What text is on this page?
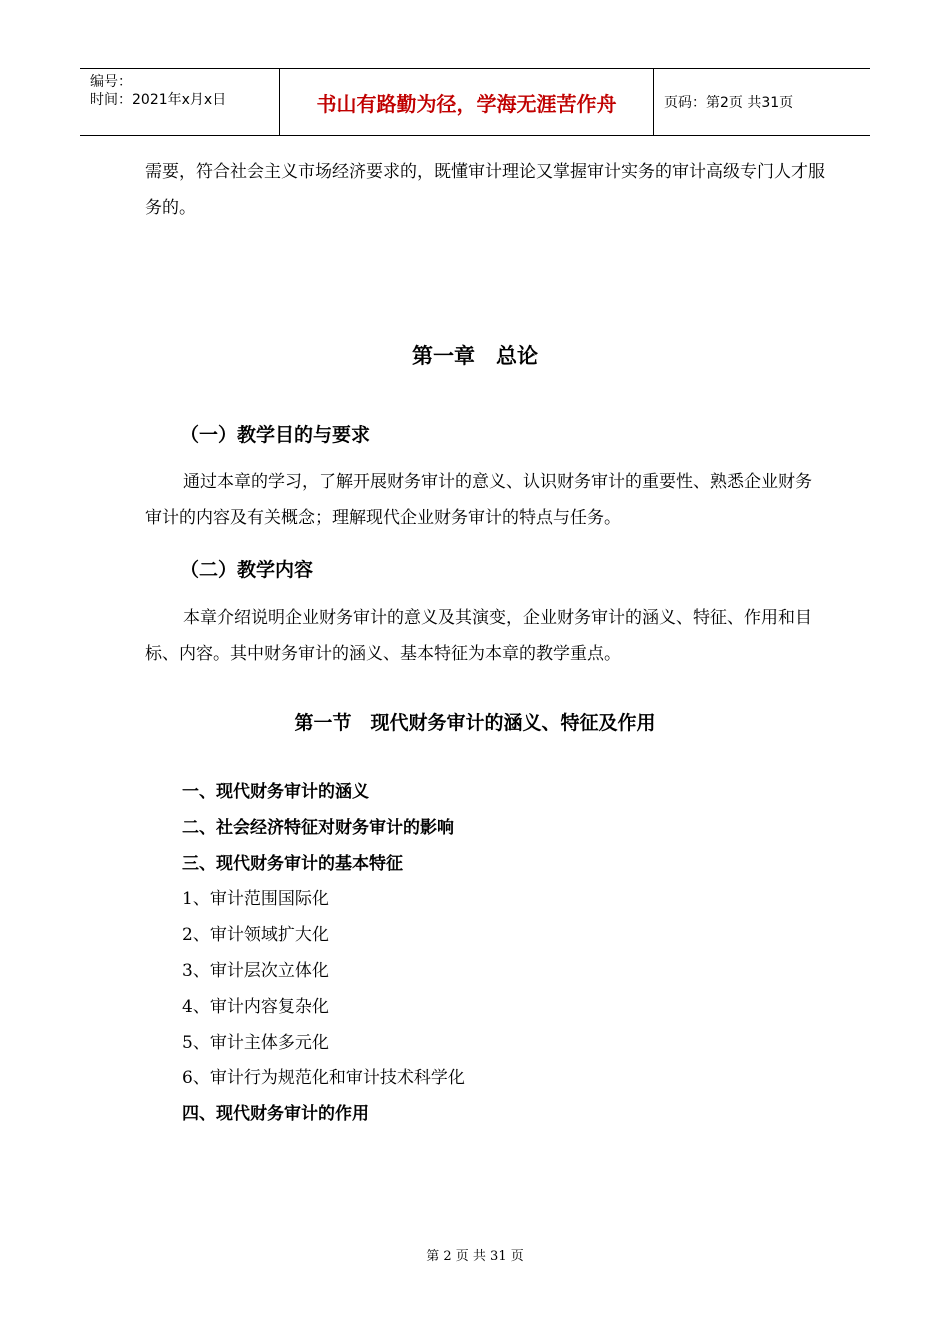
编号：
时间：2021年x月x日	书山有路勤为径，学海无涯苦作舟	页码：第2页 共31页
需要，符合社会主义市场经济要求的，既懂审计理论又掌握审计实务的审计高级专门人才服务的。
第一章　总论
（一）教学目的与要求
通过本章的学习，了解开展财务审计的意义、认识财务审计的重要性、熟悉企业财务审计的内容及有关概念；理解现代企业财务审计的特点与任务。
（二）教学内容
本章介绍说明企业财务审计的意义及其演变，企业财务审计的涵义、特征、作用和目标、内容。其中财务审计的涵义、基本特征为本章的教学重点。
第一节　现代财务审计的涵义、特征及作用
一、现代财务审计的涵义
二、社会经济特征对财务审计的影响
三、现代财务审计的基本特征
1、审计范围国际化
2、审计领域扩大化
3、审计层次立体化
4、审计内容复杂化
5、审计主体多元化
6、审计行为规范化和审计技术科学化
四、现代财务审计的作用
第 2 页 共 31 页
